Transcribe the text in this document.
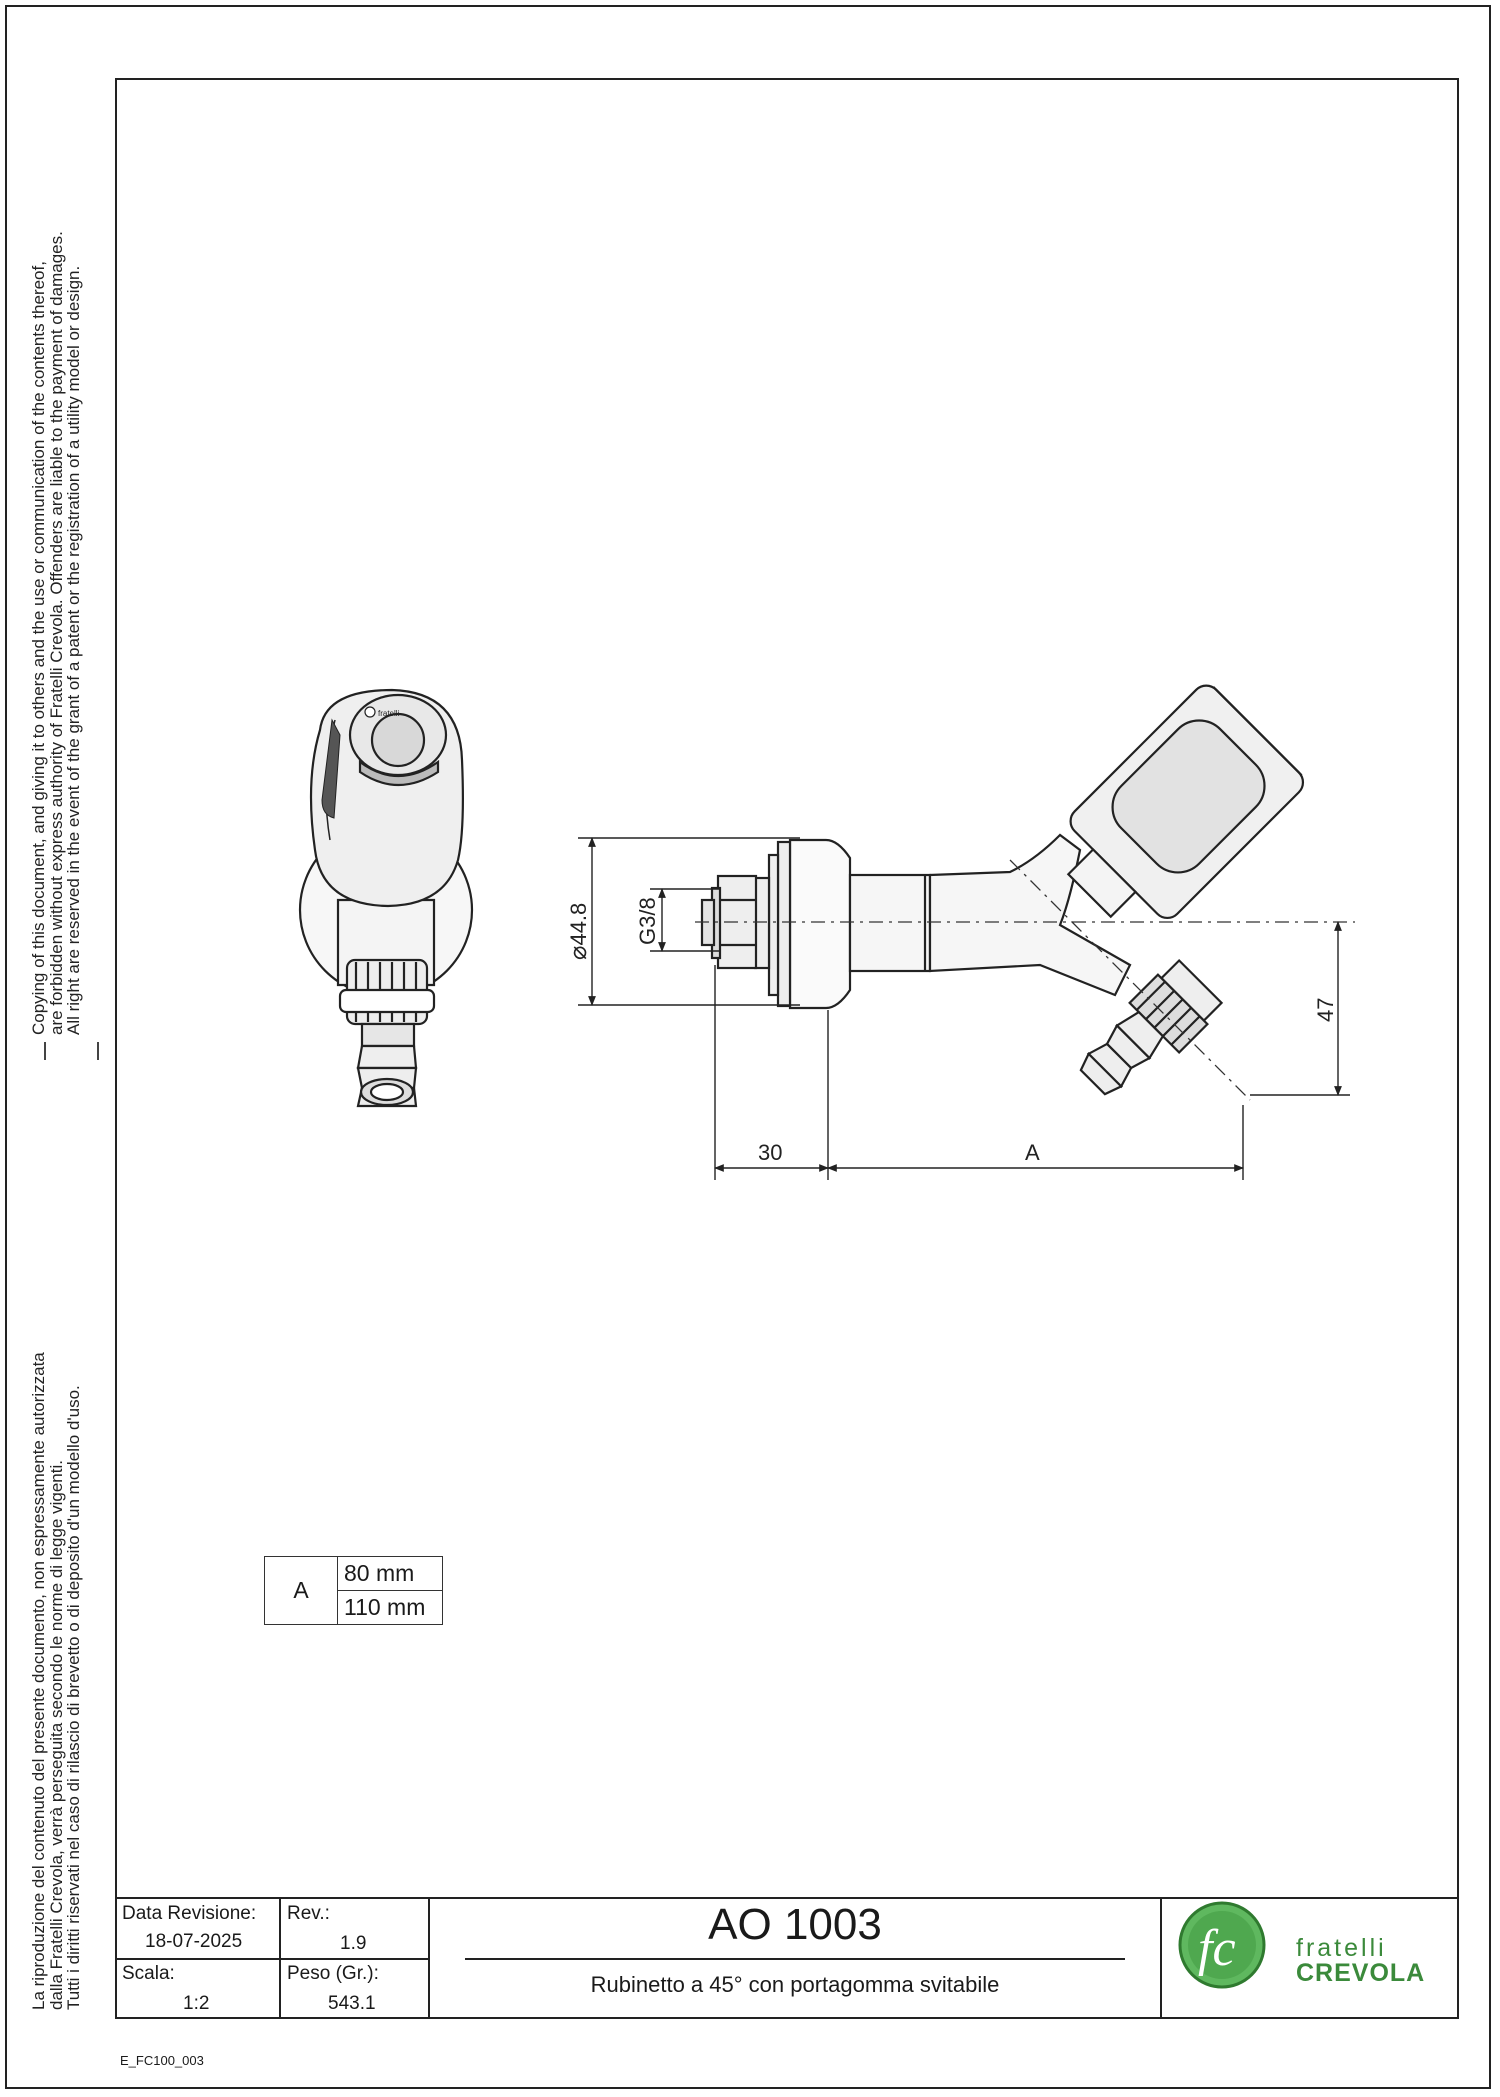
Copying of this document, and giving it to others and the use or communication of the contents thereof,
are forbidden without express authority of Fratelli Crevola. Offenders are liable to the payment of damages.
All right are reserved in the event of the grant of a patent or the registration of a utility model or design.
La riproduzione del contenuto del presente documento, non espressamente autorizzata
dalla Fratelli Crevola, verrà perseguita secondo le norme di legge vigenti.
Tutti i diritti riservati nel caso di rilascio di brevetto o di deposito d'un modello d'uso.
fratelli
⌀44.8 G3/8
47
30	A
fc
A	80 mm
110 mm
Data Revisione:
18-07-2025
Rev.:
1.9
Scala:
1:2
Peso (Gr.):
543.1
AO 1003
Rubinetto a 45° con portagomma svitabile
fratelli
CREVOLA
E_FC100_003
